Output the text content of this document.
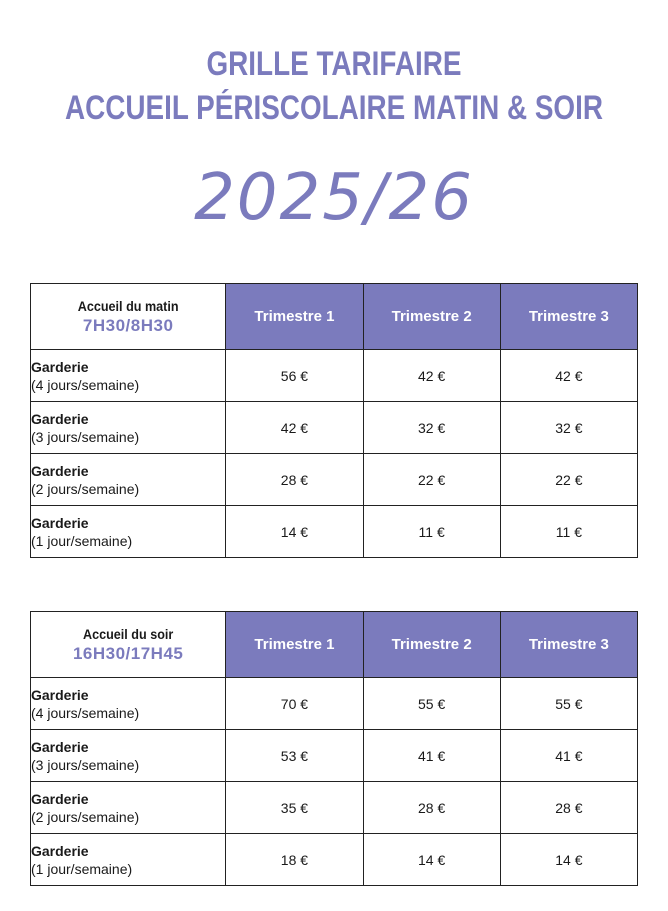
GRILLE TARIFAIRE
ACCUEIL PÉRISCOLAIRE MATIN & SOIR
2025/26
Accueil du matin
7H30/8H30	Trimestre 1	Trimestre 2	Trimestre 3

Garderie
(4 jours/semaine)	56 €	42 €	42 €

Garderie
(3 jours/semaine)	42 €	32 €	32 €

Garderie
(2 jours/semaine)	28 €	22 €	22 €

Garderie
(1 jour/semaine)	14 €	11 €	11 €
Accueil du soir
16H30/17H45	Trimestre 1	Trimestre 2	Trimestre 3

Garderie
(4 jours/semaine)	70 €	55 €	55 €

Garderie
(3 jours/semaine)	53 €	41 €	41 €

Garderie
(2 jours/semaine)	35 €	28 €	28 €

Garderie
(1 jour/semaine)	18 €	14 €	14 €
